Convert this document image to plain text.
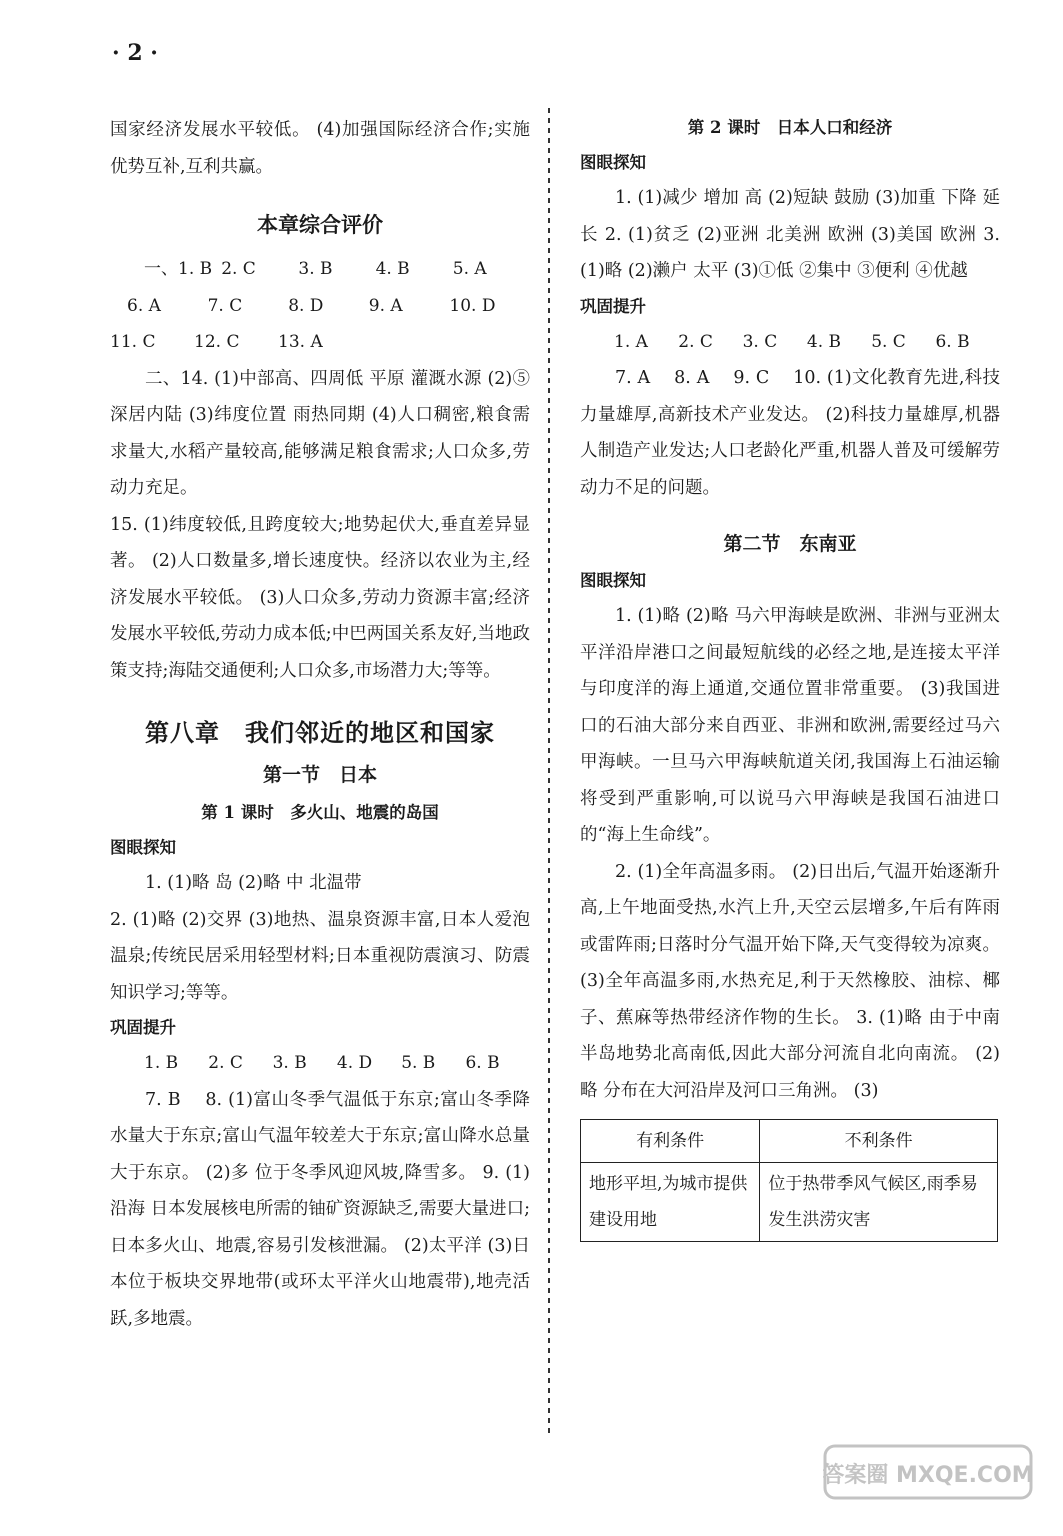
· 2 ·

国家经济发展水平较低。 (4)加强国际经济合作;实施优势互补,互利共赢。

本章综合评价
一、1. B 2. C	3. B	4. B	5. A
6. A	7. C	8. D	9. A	10. D
11. C	12. C	13. A

二、14. (1)中部高、四周低 平原 灌溉水源 (2)⑤ 深居内陆 (3)纬度位置 雨热同期 (4)人口稠密,粮食需求量大,水稻产量较高,能够满足粮食需求;人口众多,劳动力充足。

15. (1)纬度较低,且跨度较大;地势起伏大,垂直差异显著。 (2)人口数量多,增长速度快。经济以农业为主,经济发展水平较低。 (3)人口众多,劳动力资源丰富;经济发展水平较低,劳动力成本低;中巴两国关系友好,当地政策支持;海陆交通便利;人口众多,市场潜力大;等等。

第八章　我们邻近的地区和国家
第一节　日本
第 1 课时　多火山、地震的岛国
图眼探知

1. (1)略 岛 (2)略 中 北温带

2. (1)略 (2)交界 (3)地热、温泉资源丰富,日本人爱泡温泉;传统民居采用轻型材料;日本重视防震演习、防震知识学习;等等。

巩固提升
1. B	2. C	3. B	4. D	5. B	6. B

7. B　 8. (1)富山冬季气温低于东京;富山冬季降水量大于东京;富山气温年较差大于东京;富山降水总量大于东京。 (2)多 位于冬季风迎风坡,降雪多。 9. (1)沿海 日本发展核电所需的铀矿资源缺乏,需要大量进口;日本多火山、地震,容易引发核泄漏。 (2)太平洋 (3)日本位于板块交界地带(或环太平洋火山地震带),地壳活跃,多地震。

第 2 课时　日本人口和经济
图眼探知

1. (1)减少 增加 高 (2)短缺 鼓励 (3)加重 下降 延长 2. (1)贫乏 (2)亚洲 北美洲 欧洲 (3)美国 欧洲 3. (1)略 (2)濑户 太平 (3)①低 ②集中 ③便利 ④优越

巩固提升
1. A	2. C	3. C	4. B	5. C	6. B

7. A　 8. A　 9. C　 10. (1)文化教育先进,科技力量雄厚,高新技术产业发达。 (2)科技力量雄厚,机器人制造产业发达;人口老龄化严重,机器人普及可缓解劳动力不足的问题。

第二节　东南亚
图眼探知

1. (1)略 (2)略 马六甲海峡是欧洲、非洲与亚洲太平洋沿岸港口之间最短航线的必经之地,是连接太平洋与印度洋的海上通道,交通位置非常重要。 (3)我国进口的石油大部分来自西亚、非洲和欧洲,需要经过马六甲海峡。一旦马六甲海峡航道关闭,我国海上石油运输将受到严重影响,可以说马六甲海峡是我国石油进口的“海上生命线”。

2. (1)全年高温多雨。 (2)日出后,气温开始逐渐升高,上午地面受热,水汽上升,天空云层增多,午后有阵雨或雷阵雨;日落时分气温开始下降,天气变得较为凉爽。 (3)全年高温多雨,水热充足,利于天然橡胶、油棕、椰子、蕉麻等热带经济作物的生长。 3. (1)略 由于中南半岛地势北高南低,因此大部分河流自北向南流。 (2)略 分布在大河沿岸及河口三角洲。 (3)

有利条件	不利条件
地形平坦,为城市提供建设用地	位于热带季风气候区,雨季易发生洪涝灾害
答案圈 MXQE.COM
